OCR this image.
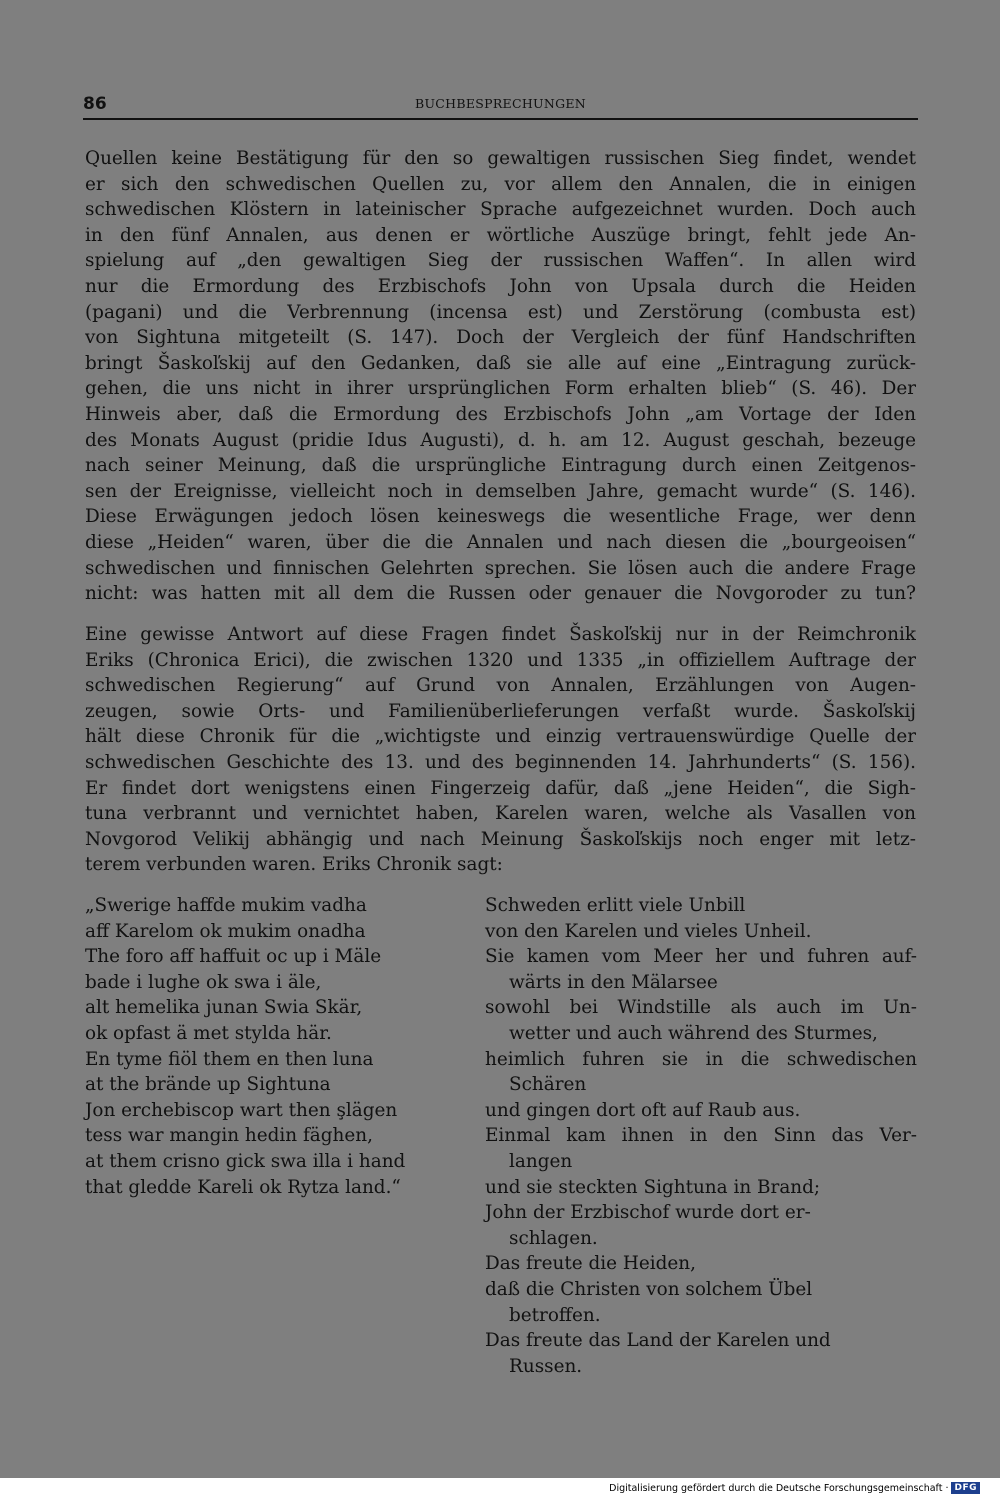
86	BUCHBESPRECHUNGEN
Quellen keine Bestätigung für den so gewaltigen russischen Sieg findet, wendet
er sich den schwedischen Quellen zu, vor allem den Annalen, die in einigen
schwedischen Klöstern in lateinischer Sprache aufgezeichnet wurden. Doch auch
in den fünf Annalen, aus denen er wörtliche Auszüge bringt, fehlt jede An-
spielung auf „den gewaltigen Sieg der russischen Waffen“. In allen wird
nur die Ermordung des Erzbischofs John von Upsala durch die Heiden
(pagani) und die Verbrennung (incensa est) und Zerstörung (combusta est)
von Sightuna mitgeteilt (S. 147). Doch der Vergleich der fünf Handschriften
bringt Šaskoľskij auf den Gedanken, daß sie alle auf eine „Eintragung zurück-
gehen, die uns nicht in ihrer ursprünglichen Form erhalten blieb“ (S. 46). Der
Hinweis aber, daß die Ermordung des Erzbischofs John „am Vortage der Iden
des Monats August (pridie Idus Augusti), d. h. am 12. August geschah, bezeuge
nach seiner Meinung, daß die ursprüngliche Eintragung durch einen Zeitgenos-
sen der Ereignisse, vielleicht noch in demselben Jahre, gemacht wurde“ (S. 146).
Diese Erwägungen jedoch lösen keineswegs die wesentliche Frage, wer denn
diese „Heiden“ waren, über die die Annalen und nach diesen die „bourgeoisen“
schwedischen und finnischen Gelehrten sprechen. Sie lösen auch die andere Frage
nicht: was hatten mit all dem die Russen oder genauer die Novgoroder zu tun?
Eine gewisse Antwort auf diese Fragen findet Šaskoľskij nur in der Reimchronik
Eriks (Chronica Erici), die zwischen 1320 und 1335 „in offiziellem Auftrage der
schwedischen Regierung“ auf Grund von Annalen, Erzählungen von Augen-
zeugen, sowie Orts- und Familienüberlieferungen verfaßt wurde. Šaskoľskij
hält diese Chronik für die „wichtigste und einzig vertrauenswürdige Quelle der
schwedischen Geschichte des 13. und des beginnenden 14. Jahrhunderts“ (S. 156).
Er findet dort wenigstens einen Fingerzeig dafür, daß „jene Heiden“, die Sigh-
tuna verbrannt und vernichtet haben, Karelen waren, welche als Vasallen von
Novgorod Velikij abhängig und nach Meinung Šaskoľskijs noch enger mit letz-
terem verbunden waren. Eriks Chronik sagt:
„Swerige haffde mukim vadha
aff Karelom ok mukim onadha
The foro aff haffuit oc up i Mäle
bade i lughe ok swa i äle,
alt hemelika junan Swia Skär,
ok opfast ä met stylda här.
En tyme fiöl them en then luna
at the brände up Sightuna
Jon erchebiscop wart then şlägen
tess war mangin hedin fäghen,
at them crisno gick swa illa i hand
that gledde Kareli ok Rytza land.“
Schweden erlitt viele Unbill
von den Karelen und vieles Unheil.
Sie kamen vom Meer her und fuhren auf-
wärts in den Mälarsee
sowohl bei Windstille als auch im Un-
wetter und auch während des Sturmes,
heimlich fuhren sie in die schwedischen
Schären
und gingen dort oft auf Raub aus.
Einmal kam ihnen in den Sinn das Ver-
langen
und sie steckten Sightuna in Brand;
John der Erzbischof wurde dort er-
schlagen.
Das freute die Heiden,
daß die Christen von solchem Übel
betroffen.
Das freute das Land der Karelen und
Russen.
Digitalisierung gefördert durch die Deutsche Forschungsgemeinschaft · DFG
